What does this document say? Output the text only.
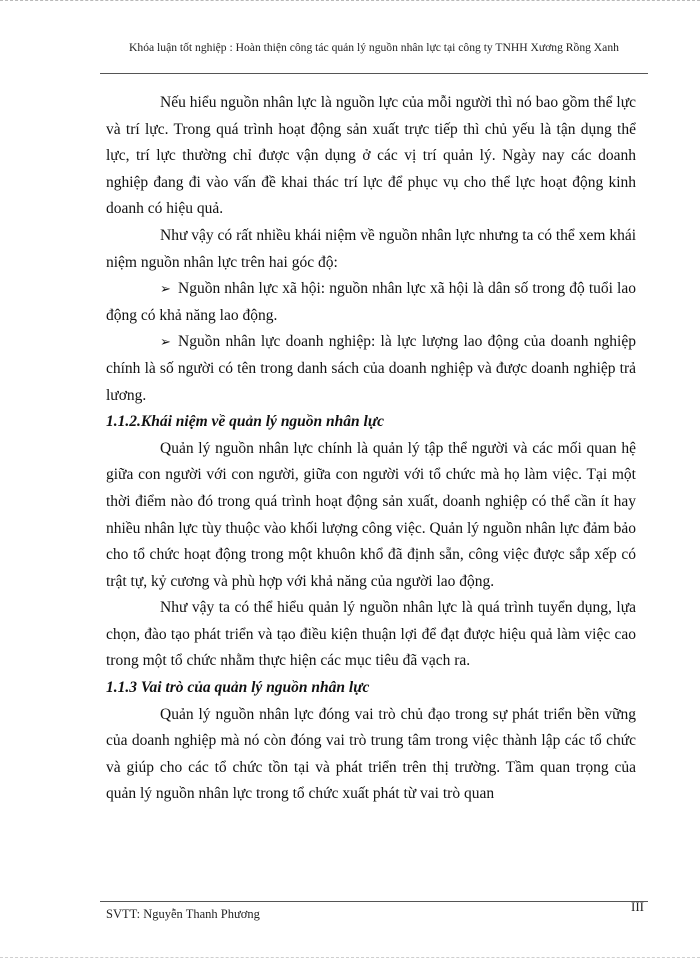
Khóa luận tốt nghiệp : Hoàn thiện công tác quản lý nguồn nhân lực tại công ty TNHH Xương Rồng Xanh

Nếu hiểu nguồn nhân lực là nguồn lực của mỗi người thì nó bao gồm thể lực và trí lực. Trong quá trình hoạt động sản xuất trực tiếp thì chủ yếu là tận dụng thể lực, trí lực thường chỉ được vận dụng ở các vị trí quản lý. Ngày nay các doanh nghiệp đang đi vào vấn đề khai thác trí lực để phục vụ cho thể lực hoạt động kinh doanh có hiệu quả.

Như vậy có rất nhiều khái niệm về nguồn nhân lực nhưng ta có thể xem khái niệm nguồn nhân lực trên hai góc độ:

➢ Nguồn nhân lực xã hội: nguồn nhân lực xã hội là dân số trong độ tuổi lao động có khả năng lao động.

➢ Nguồn nhân lực doanh nghiệp: là lực lượng lao động của doanh nghiệp chính là số người có tên trong danh sách của doanh nghiệp và được doanh nghiệp trả lương.

1.1.2.Khái niệm về quản lý nguồn nhân lực

Quản lý nguồn nhân lực chính là quản lý tập thể người và các mối quan hệ giữa con người với con người, giữa con người với tổ chức mà họ làm việc. Tại một thời điểm nào đó trong quá trình hoạt động sản xuất, doanh nghiệp có thể cần ít hay nhiều nhân lực tùy thuộc vào khối lượng công việc. Quản lý nguồn nhân lực đảm bảo cho tổ chức hoạt động trong một khuôn khổ đã định sẵn, công việc được sắp xếp có trật tự, kỷ cương và phù hợp với khả năng của người lao động.

Như vậy ta có thể hiểu quản lý nguồn nhân lực là quá trình tuyển dụng, lựa chọn, đào tạo phát triển và tạo điều kiện thuận lợi để đạt được hiệu quả làm việc cao trong một tổ chức nhằm thực hiện các mục tiêu đã vạch ra.

1.1.3 Vai trò của quản lý nguồn nhân lực

Quản lý nguồn nhân lực đóng vai trò chủ đạo trong sự phát triển bền vững của doanh nghiệp mà nó còn đóng vai trò trung tâm trong việc thành lập các tổ chức và giúp cho các tổ chức tồn tại và phát triển trên thị trường. Tầm quan trọng của quản lý nguồn nhân lực trong tổ chức xuất phát từ vai trò quan

SVTT: Nguyễn Thanh Phương	III
